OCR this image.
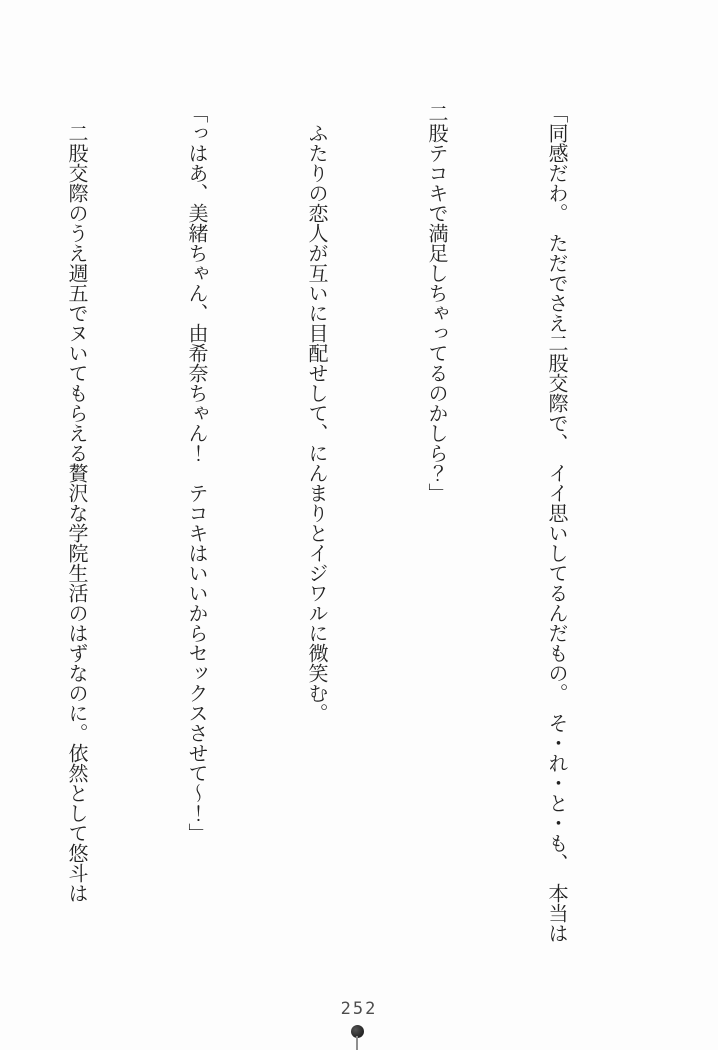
「同感だわ。　ただでさえ二股交際で、　イイ思いしてるんだもの。　そ・れ・と・も、　本当は

二股テコキで満足しちゃってるのかしら？」

　ふたりの恋人が互いに目配せして、にんまりとイジワルに微笑む。

「っはあ、美緒ちゃん、由希奈ちゃん！　テコキはいいからセックスさせて～！」

　二股交際のうえ週五でヌいてもらえる贅沢な学院生活のはずなのに。依然として悠斗は

252
